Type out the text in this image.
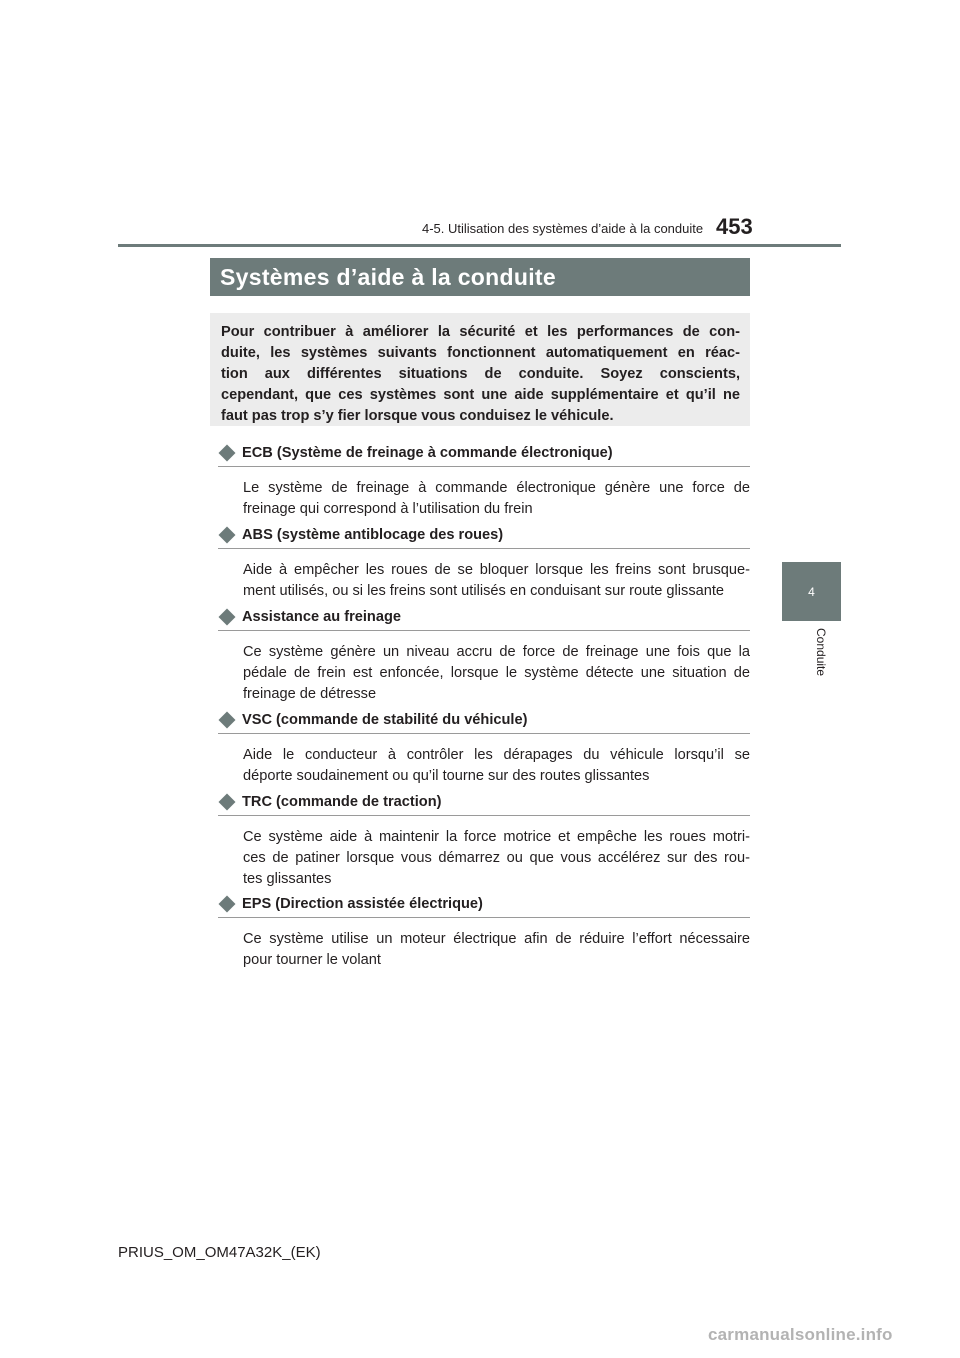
4-5. Utilisation des systèmes d’aide à la conduite 453
4
Conduite
Systèmes d’aide à la conduite
Pour contribuer à améliorer la sécurité et les performances de con-
duite, les systèmes suivants fonctionnent automatiquement en réac-
tion aux différentes situations de conduite. Soyez conscients,
cependant, que ces systèmes sont une aide supplémentaire et qu’il ne
faut pas trop s’y fier lorsque vous conduisez le véhicule.
ECB (Système de freinage à commande électronique)
Le système de freinage à commande électronique génère une force de
freinage qui correspond à l’utilisation du frein
ABS (système antiblocage des roues)
Aide à empêcher les roues de se bloquer lorsque les freins sont brusque-
ment utilisés, ou si les freins sont utilisés en conduisant sur route glissante
Assistance au freinage
Ce système génère un niveau accru de force de freinage une fois que la
pédale de frein est enfoncée, lorsque le système détecte une situation de
freinage de détresse
VSC (commande de stabilité du véhicule)
Aide le conducteur à contrôler les dérapages du véhicule lorsqu’il se
déporte soudainement ou qu’il tourne sur des routes glissantes
TRC (commande de traction)
Ce système aide à maintenir la force motrice et empêche les roues motri-
ces de patiner lorsque vous démarrez ou que vous accélérez sur des rou-
tes glissantes
EPS (Direction assistée électrique)
Ce système utilise un moteur électrique afin de réduire l’effort nécessaire
pour tourner le volant
PRIUS_OM_OM47A32K_(EK)
carmanualsonline.info
